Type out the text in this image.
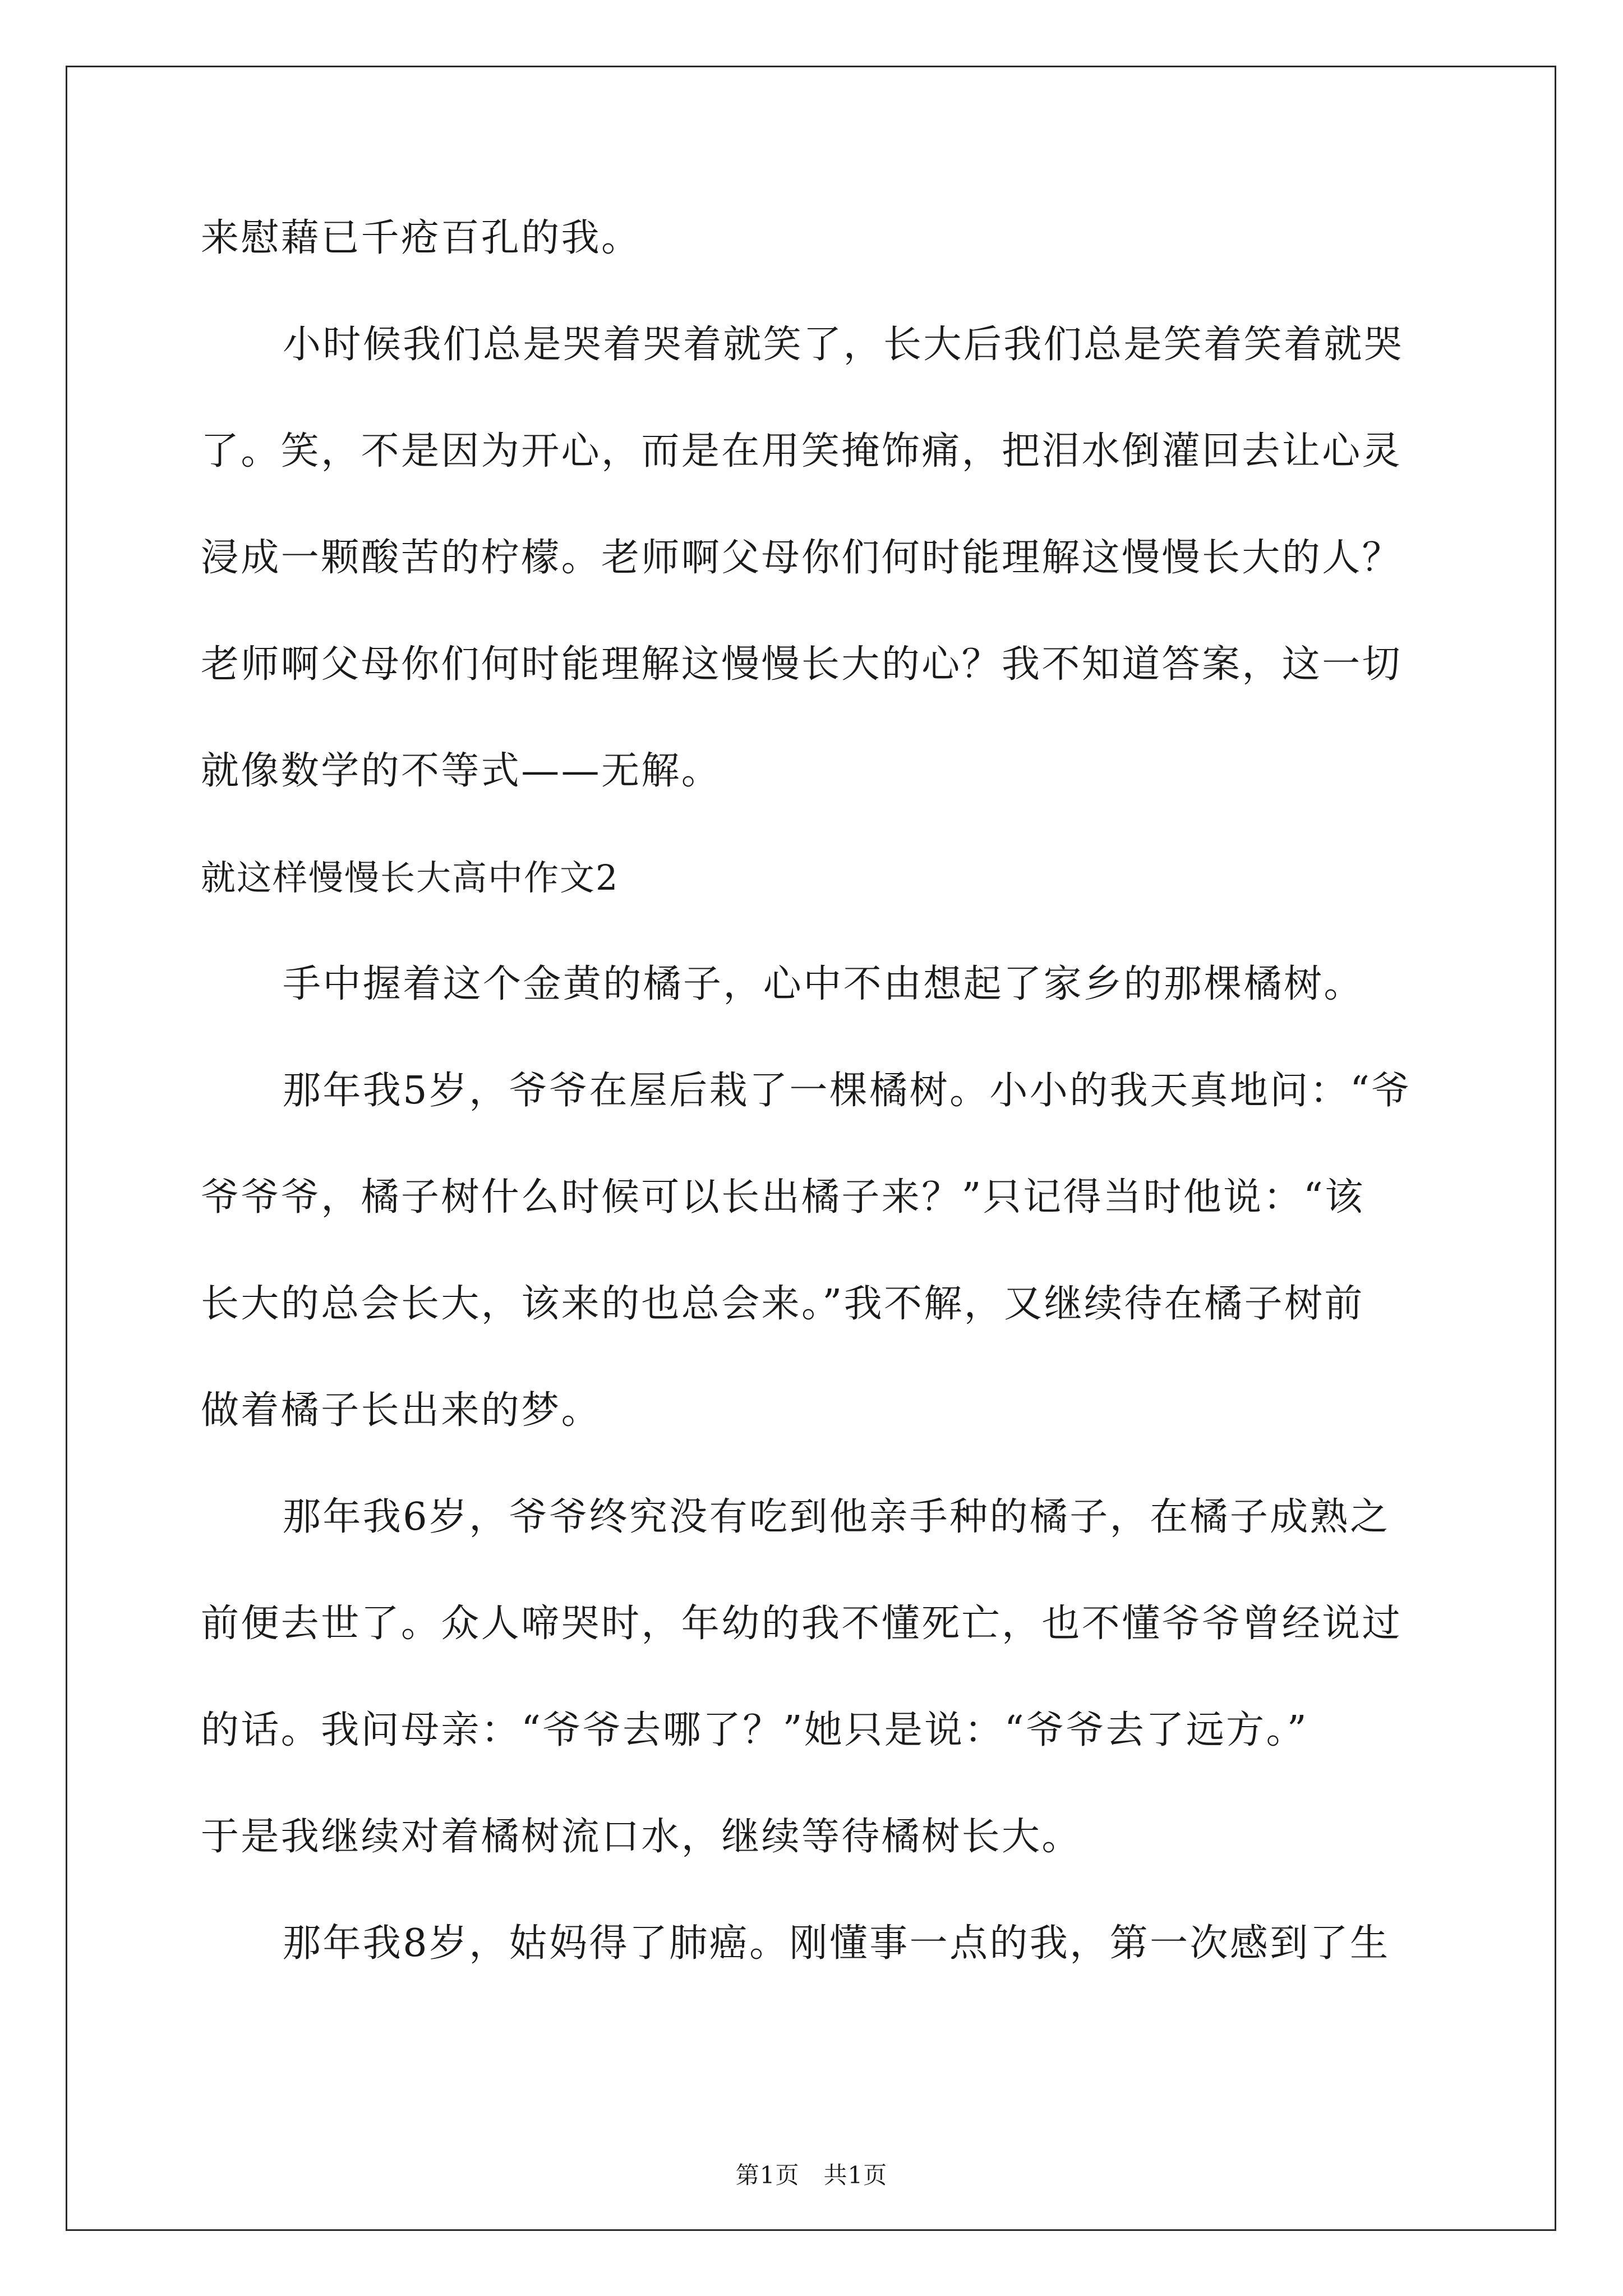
来慰藉已千疮百孔的我。
小时候我们总是哭着哭着就笑了，长大后我们总是笑着笑着就哭
了。笑，不是因为开心，而是在用笑掩饰痛，把泪水倒灌回去让心灵
浸成一颗酸苦的柠檬。老师啊父母你们何时能理解这慢慢长大的人？
老师啊父母你们何时能理解这慢慢长大的心？我不知道答案，这一切
就像数学的不等式——无解。
就这样慢慢长大高中作文2
手中握着这个金黄的橘子，心中不由想起了家乡的那棵橘树。
那年我5岁，爷爷在屋后栽了一棵橘树。小小的我天真地问：“爷
爷爷爷，橘子树什么时候可以长出橘子来？”只记得当时他说：“该
长大的总会长大，该来的也总会来。”我不解，又继续待在橘子树前
做着橘子长出来的梦。
那年我6岁，爷爷终究没有吃到他亲手种的橘子，在橘子成熟之
前便去世了。众人啼哭时，年幼的我不懂死亡，也不懂爷爷曾经说过
的话。我问母亲：“爷爷去哪了？”她只是说：“爷爷去了远方。”
于是我继续对着橘树流口水，继续等待橘树长大。
那年我8岁，姑妈得了肺癌。刚懂事一点的我，第一次感到了生
第1页   共1页
